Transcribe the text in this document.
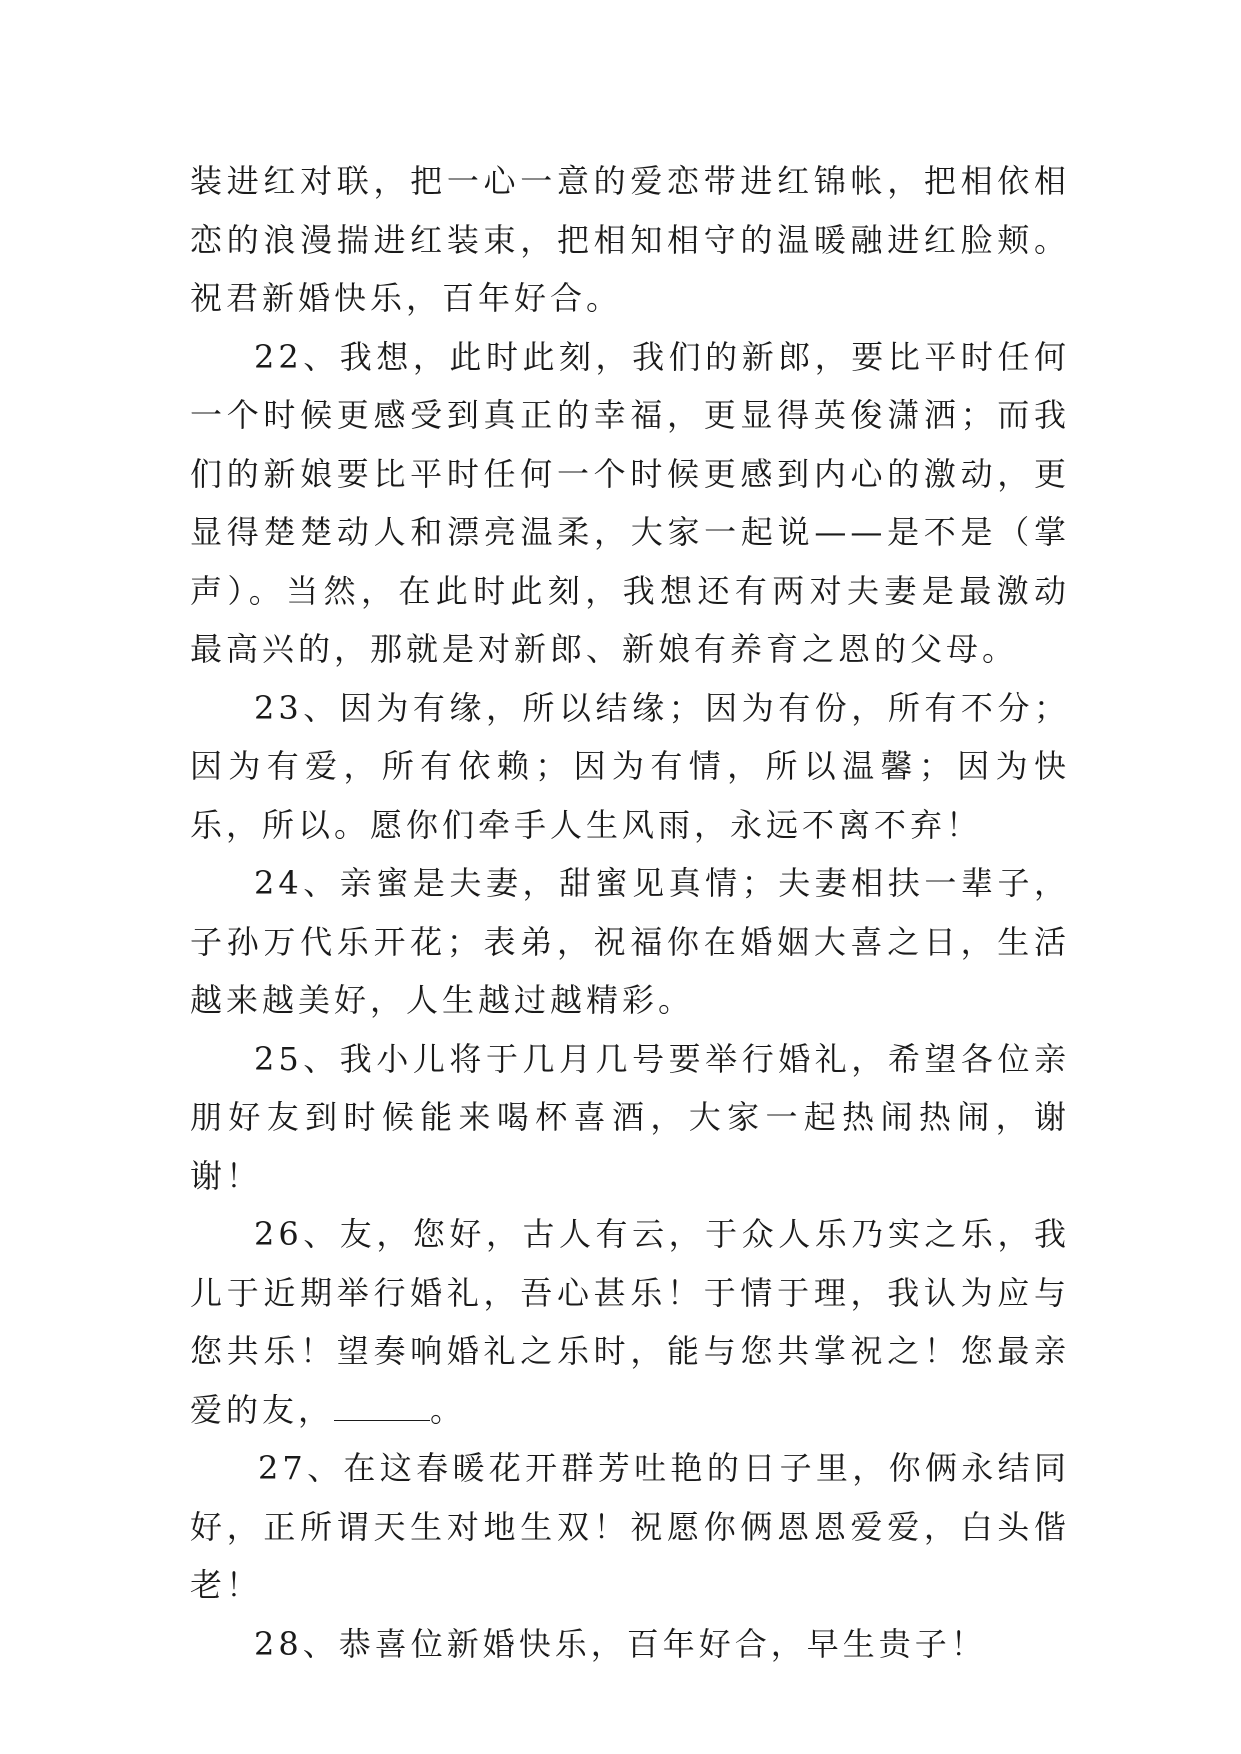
装进红对联，把一心一意的爱恋带进红锦帐，把相依相恋的浪漫揣进红装束，把相知相守的温暖融进红脸颊。祝君新婚快乐，百年好合。

22、我想，此时此刻，我们的新郎，要比平时任何一个时候更感受到真正的幸福，更显得英俊潇洒；而我们的新娘要比平时任何一个时候更感到内心的激动，更显得楚楚动人和漂亮温柔，大家一起说——是不是（掌声）。当然，在此时此刻，我想还有两对夫妻是最激动最高兴的，那就是对新郎、新娘有养育之恩的父母。

23、因为有缘，所以结缘；因为有份，所有不分；因为有爱，所有依赖；因为有情，所以温馨；因为快乐，所以。愿你们牵手人生风雨，永远不离不弃！

24、亲蜜是夫妻，甜蜜见真情；夫妻相扶一辈子，子孙万代乐开花；表弟，祝福你在婚姻大喜之日，生活越来越美好，人生越过越精彩。

25、我小儿将于几月几号要举行婚礼，希望各位亲朋好友到时候能来喝杯喜酒，大家一起热闹热闹，谢谢！

26、友，您好，古人有云，于众人乐乃实之乐，我儿于近期举行婚礼，吾心甚乐！于情于理，我认为应与您共乐！望奏响婚礼之乐时，能与您共掌祝之！您最亲爱的友，	。

27、在这春暖花开群芳吐艳的日子里，你俩永结同好，正所谓天生对地生双！祝愿你俩恩恩爱爱，白头偕老！

28、恭喜位新婚快乐，百年好合，早生贵子！
